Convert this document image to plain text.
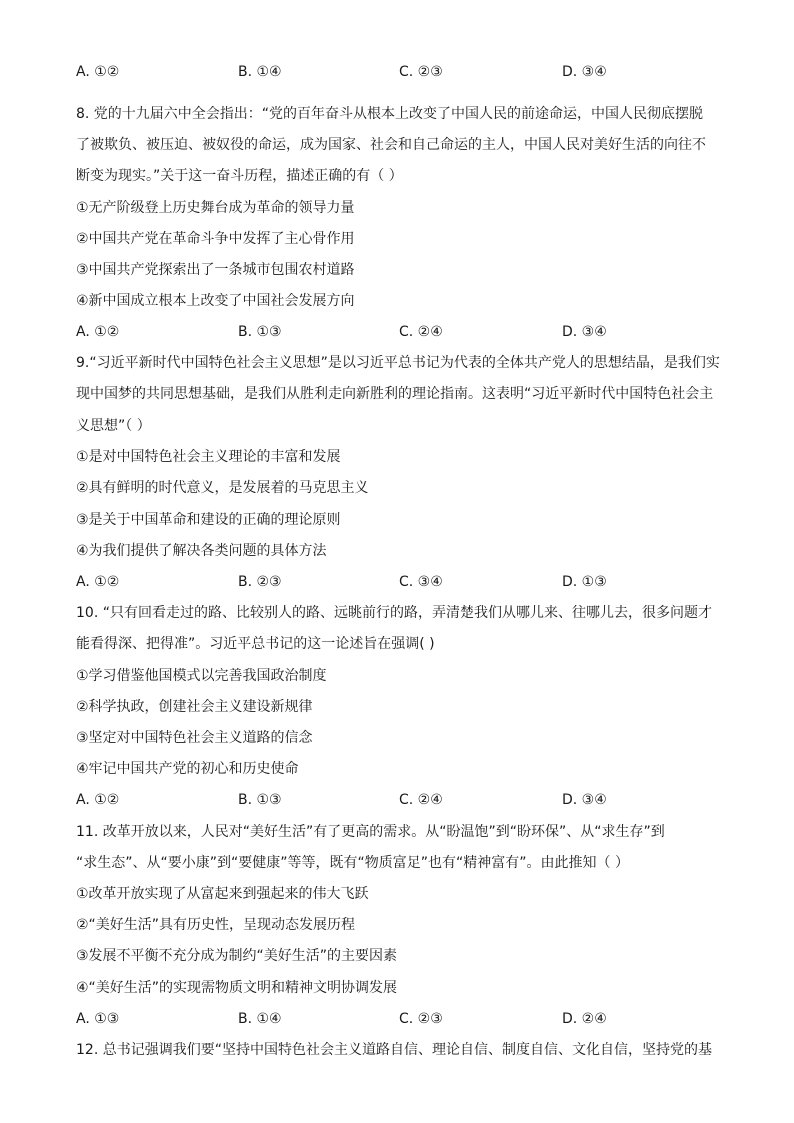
A. ①②	B. ①④	C. ②③	D. ③④
8. 党的十九届六中全会指出：“党的百年奋斗从根本上改变了中国人民的前途命运，中国人民彻底摆脱
了被欺负、被压迫、被奴役的命运，成为国家、社会和自己命运的主人，中国人民对美好生活的向往不
断变为现实。”关于这一奋斗历程，描述正确的有（ ）
①无产阶级登上历史舞台成为革命的领导力量
②中国共产党在革命斗争中发挥了主心骨作用
③中国共产党探索出了一条城市包围农村道路
④新中国成立根本上改变了中国社会发展方向
A. ①②	B. ①③	C. ②④	D. ③④
9.“习近平新时代中国特色社会主义思想”是以习近平总书记为代表的全体共产党人的思想结晶，是我们实
现中国梦的共同思想基础，是我们从胜利走向新胜利的理论指南。这表明“习近平新时代中国特色社会主
义思想”（ ）
①是对中国特色社会主义理论的丰富和发展
②具有鲜明的时代意义，是发展着的马克思主义
③是关于中国革命和建设的正确的理论原则
④为我们提供了解决各类问题的具体方法
A. ①②	B. ②③	C. ③④	D. ①③
10. “只有回看走过的路、比较别人的路、远眺前行的路，弄清楚我们从哪儿来、往哪儿去，很多问题才
能看得深、把得准”。习近平总书记的这一论述旨在强调( )
①学习借鉴他国模式以完善我国政治制度
②科学执政，创建社会主义建设新规律
③坚定对中国特色社会主义道路的信念
④牢记中国共产党的初心和历史使命
A. ①②	B. ①③	C. ②④	D. ③④
11. 改革开放以来，人民对“美好生活”有了更高的需求。从“盼温饱”到“盼环保”、从“求生存”到
“求生态”、从“要小康”到“要健康”等等，既有“物质富足”也有“精神富有”。由此推知（ ）
①改革开放实现了从富起来到强起来的伟大飞跃
②“美好生活”具有历史性，呈现动态发展历程
③发展不平衡不充分成为制约“美好生活”的主要因素
④“美好生活”的实现需物质文明和精神文明协调发展
A. ①③	B. ①④	C. ②③	D. ②④
12. 总书记强调我们要“坚持中国特色社会主义道路自信、理论自信、制度自信、文化自信，坚持党的基
